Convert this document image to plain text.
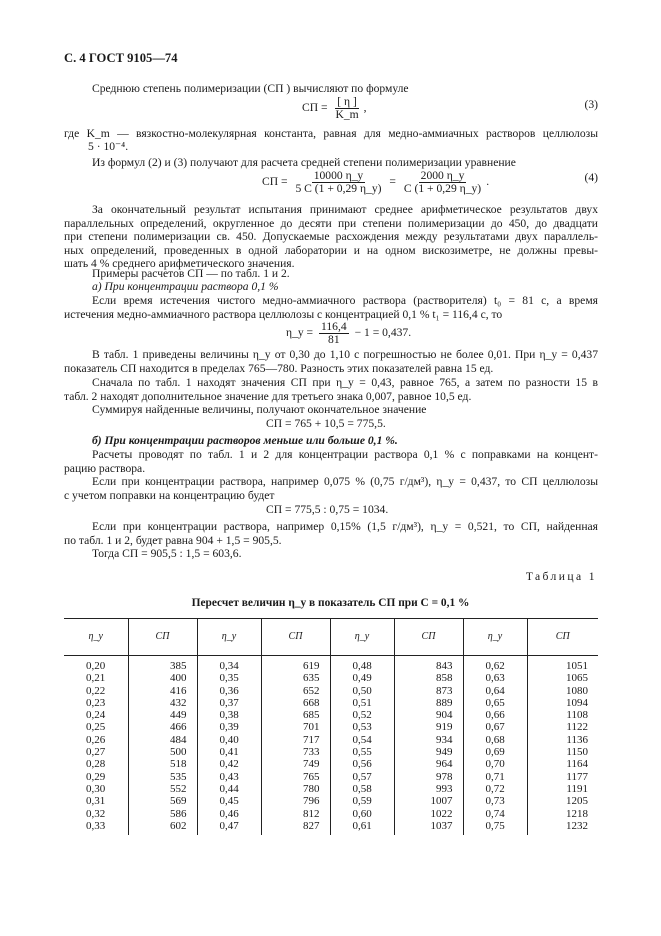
С. 4 ГОСТ 9105—74
Среднюю степень полимеризации (СП ) вычисляют по формуле
СП = $\frac{[ \eta ]}{K\_m}$ ,	(3)
где K_m — вязкостно-молекулярная константа, равная для медно-аммиачных растворов целлюлозы
5 · 10⁻⁴.
Из формул (2) и (3) получают для расчета средней степени полимеризации уравнение
СП = $\frac{10000 \eta\_у}{5 C (1 + 0,29 \eta\_у)} = \frac{2000 \eta\_у}{C (1 + 0,29 \eta\_у)}$ .	(4)
За окончательный результат испытания принимают среднее арифметическое результатов двух
параллельных определений, округленное до десяти при степени полимеризации до 450, до двадцати
при степени полимеризации св. 450. Допускаемые расхождения между результатами двух параллель-
ных определений, проведенных в одной лаборатории и на одном вискозиметре, не должны превы-
шать 4 % среднего арифметического значения.
Примеры расчетов СП — по табл. 1 и 2.
а) При концентрации раствора 0,1 %
Если время истечения чистого медно-аммиачного раствора (растворителя) t₀ = 81 с, а время
истечения медно-аммиачного раствора целлюлозы с концентрацией 0,1 % t₁ = 116,4 с, то
η_у = $\frac{116,4}{81} - 1 = 0,437$.
В табл. 1 приведены величины η_у от 0,30 до 1,10 с погрешностью не более 0,01. При η_у = 0,437
показатель СП находится в пределах 765—780. Разность этих показателей равна 15 ед.
Сначала по табл. 1 находят значения СП при η_у = 0,43, равное 765, а затем по разности 15 в
табл. 2 находят дополнительное значение для третьего знака 0,007, равное 10,5 ед.
Суммируя найденные величины, получают окончательное значение
СП = 765 + 10,5 = 775,5.
б) При концентрации растворов меньше или больше 0,1 %.
Расчеты проводят по табл. 1 и 2 для концентрации раствора 0,1 % с поправками на концент-
рацию раствора.
Если при концентрации раствора, например 0,075 % (0,75 г/дм³), η_у = 0,437, то СП целлюлозы
с учетом поправки на концентрацию будет
СП = 775,5 : 0,75 = 1034.
Если при концентрации раствора, например 0,15% (1,5 г/дм³), η_у = 0,521, то СП, найденная
по табл. 1 и 2, будет равна 904 + 1,5 = 905,5.
Тогда СП = 905,5 : 1,5 = 603,6.
Таблица 1
Пересчет величин η_у в показатель СП при C = 0,1 %
η_у	СП	η_у	СП	η_у	СП	η_у	СП

0,20	385	0,34	619	0,48	843	0,62	1051
0,21	400	0,35	635	0,49	858	0,63	1065
0,22	416	0,36	652	0,50	873	0,64	1080
0,23	432	0,37	668	0,51	889	0,65	1094
0,24	449	0,38	685	0,52	904	0,66	1108
0,25	466	0,39	701	0,53	919	0,67	1122
0,26	484	0,40	717	0,54	934	0,68	1136
0,27	500	0,41	733	0,55	949	0,69	1150
0,28	518	0,42	749	0,56	964	0,70	1164
0,29	535	0,43	765	0,57	978	0,71	1177
0,30	552	0,44	780	0,58	993	0,72	1191
0,31	569	0,45	796	0,59	1007	0,73	1205
0,32	586	0,46	812	0,60	1022	0,74	1218
0,33	602	0,47	827	0,61	1037	0,75	1232
